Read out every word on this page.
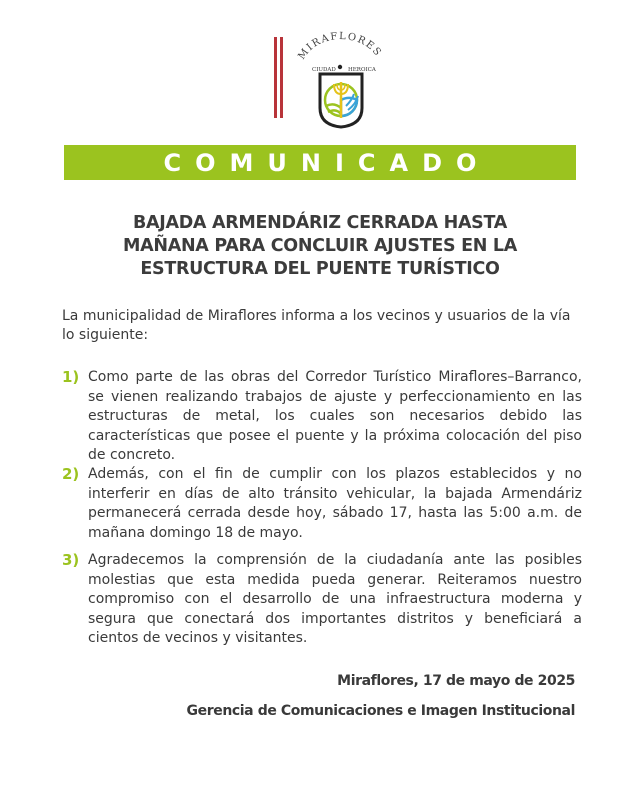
MIRAFLORES
CIUDAD HEROICA
COMUNICADO
BAJADA ARMENDÁRIZ CERRADA HASTA
MAÑANA PARA CONCLUIR AJUSTES EN LA
ESTRUCTURA DEL PUENTE TURÍSTICO
La municipalidad de Miraflores informa a los vecinos y usuarios de la vía lo siguiente:
1) Como parte de las obras del Corredor Turístico Miraflores–Barranco, se vienen realizando trabajos de ajuste y perfeccionamiento en las estructuras de metal, los cuales son necesarios debido las características que posee el puente y la próxima colocación del piso de concreto.
2) Además, con el fin de cumplir con los plazos establecidos y no interferir en días de alto tránsito vehicular, la bajada Armendáriz permanecerá cerrada desde hoy, sábado 17, hasta las 5:00 a.m. de mañana domingo 18 de mayo.
3) Agradecemos la comprensión de la ciudadanía ante las posibles molestias que esta medida pueda generar. Reiteramos nuestro compromiso con el desarrollo de una infraestructura moderna y segura que conectará dos importantes distritos y beneficiará a cientos de vecinos y visitantes.
Miraflores, 17 de mayo de 2025
Gerencia de Comunicaciones e Imagen Institucional
